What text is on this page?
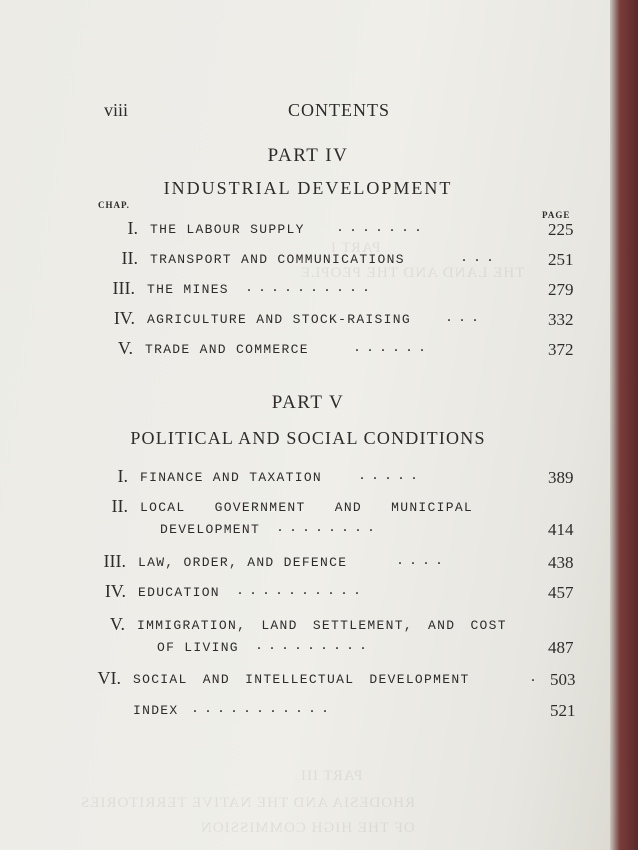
PART I
THE LAND AND THE PEOPLE
PART III
RHODESIA AND THE NATIVE TERRITORIES
OF THE HIGH COMMISSION
viii	CONTENTS
PART IV
INDUSTRIAL DEVELOPMENT
CHAP.
PAGE
I. THE LABOUR SUPPLY .......	225
II. TRANSPORT AND COMMUNICATIONS	...	251
III. THE MINES ..........	279
IV. AGRICULTURE AND STOCK-RAISING ...	332
V. TRADE AND COMMERCE	......	372
PART V
POLITICAL AND SOCIAL CONDITIONS
I. FINANCE AND TAXATION .....	389
II. LOCAL GOVERNMENT AND MUNICIPAL
DEVELOPMENT ........	414
III. LAW, ORDER, AND DEFENCE	....	438
IV. EDUCATION ..........	457
V. IMMIGRATION, LAND SETTLEMENT, AND COST
OF LIVING .........	487
VI. SOCIAL AND INTELLECTUAL DEVELOPMENT	. 503
INDEX ...........	521
